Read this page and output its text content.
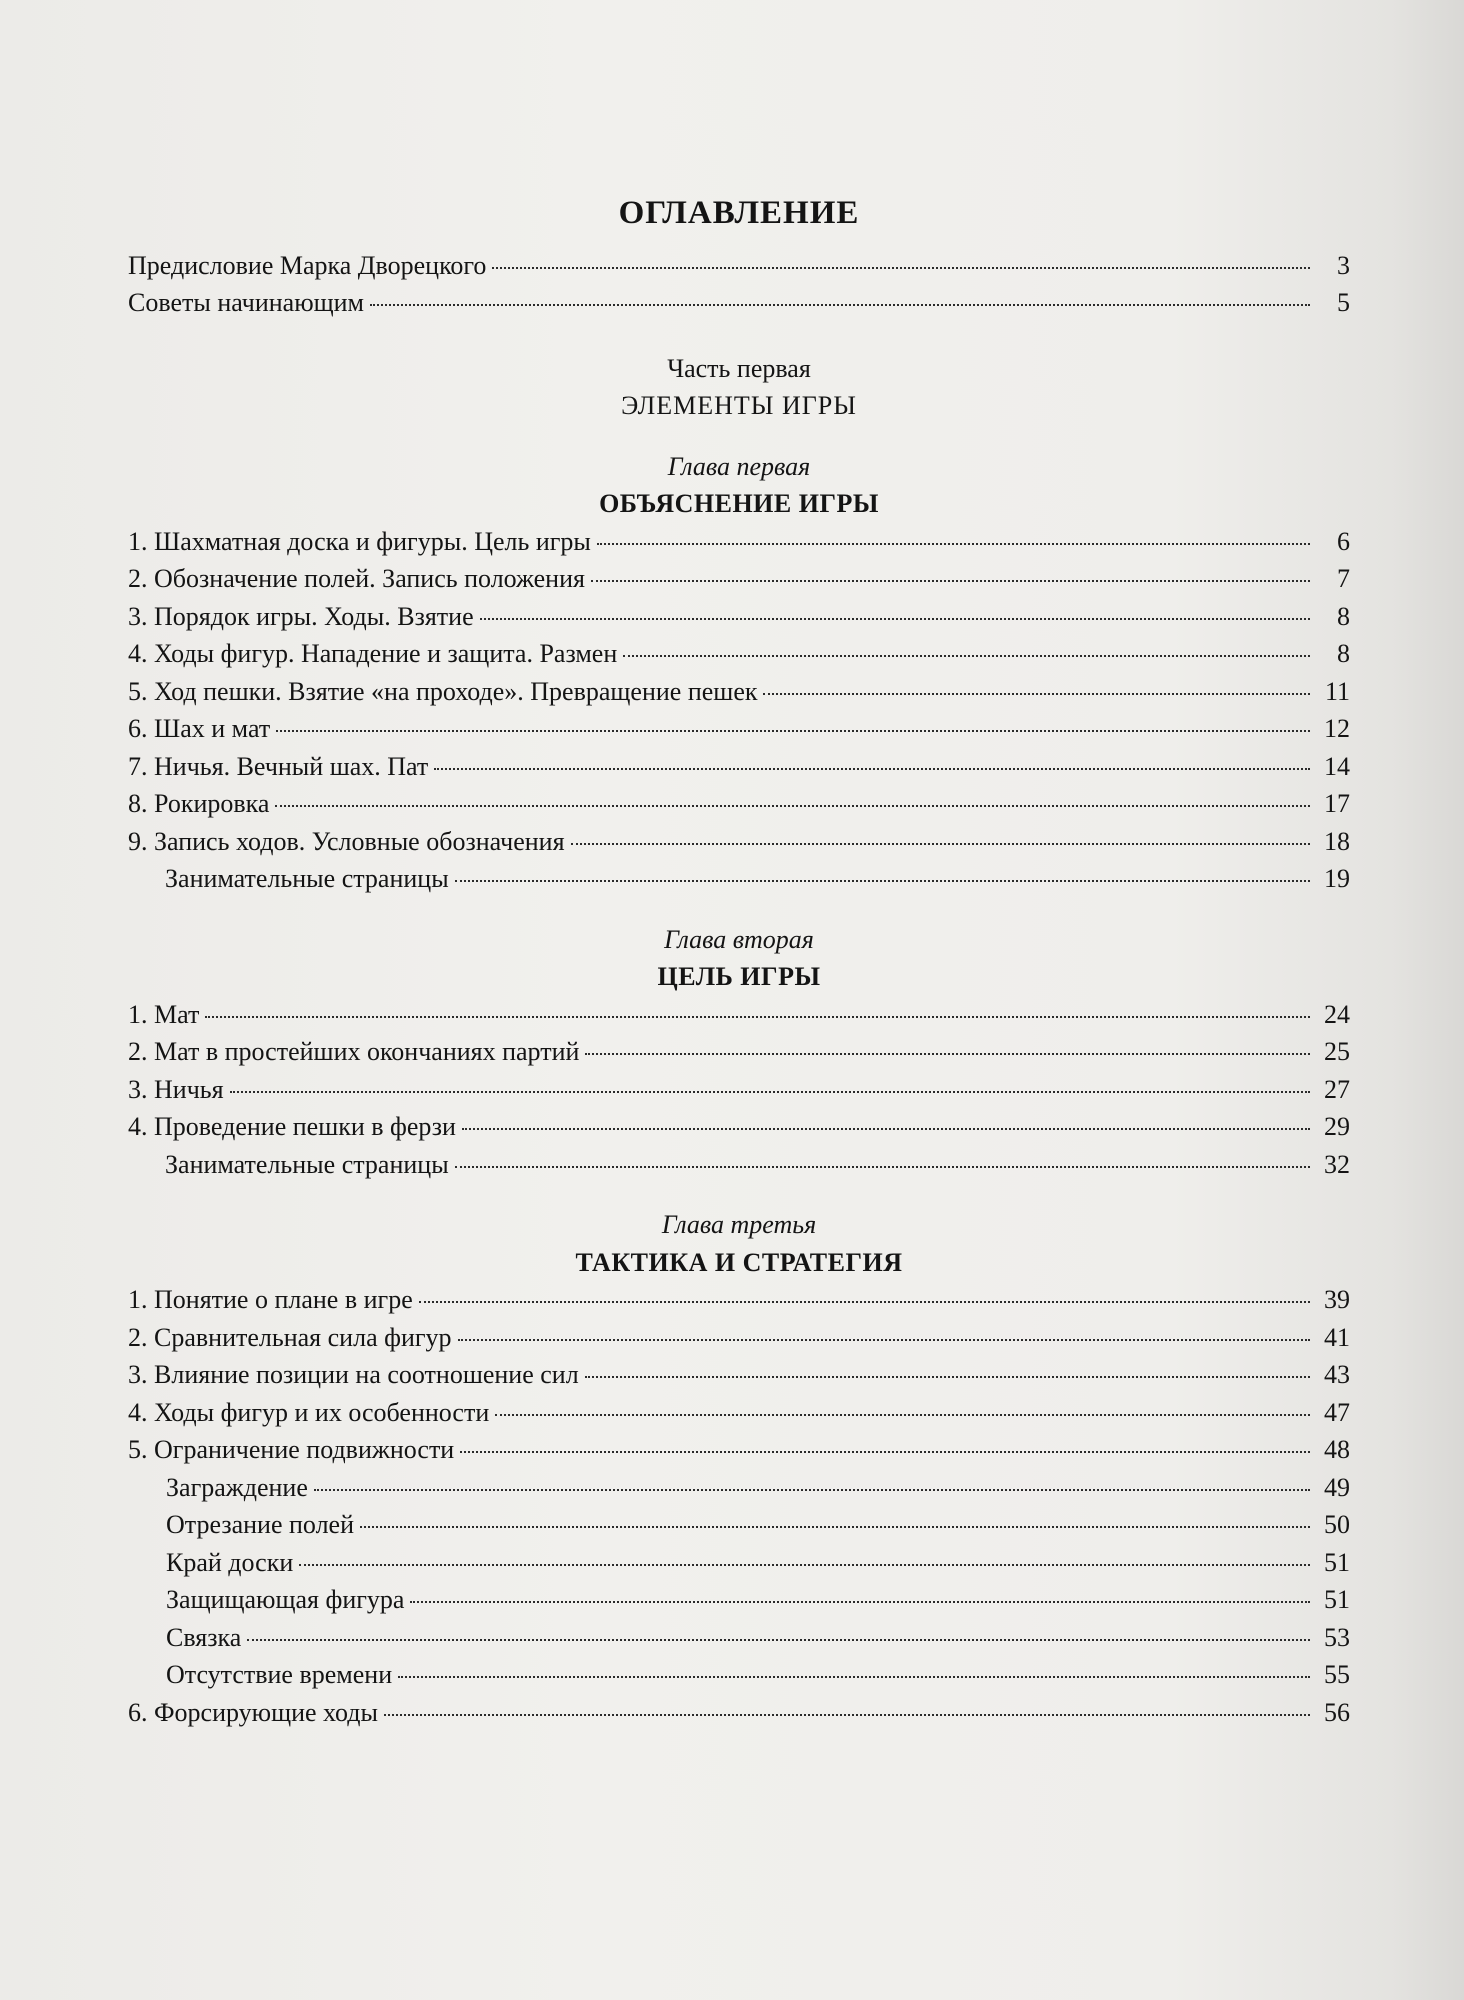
ОГЛАВЛЕНИЕ
Предисловие Марка Дворецкого	3
Советы начинающим	5
Часть первая
ЭЛЕМЕНТЫ ИГРЫ
Глава первая
ОБЪЯСНЕНИЕ ИГРЫ
1. Шахматная доска и фигуры. Цель игры	6
2. Обозначение полей. Запись положения	7
3. Порядок игры. Ходы. Взятие	8
4. Ходы фигур. Нападение и защита. Размен	8
5. Ход пешки. Взятие «на проходе». Превращение пешек	11
6. Шах и мат	12
7. Ничья. Вечный шах. Пат	14
8. Рокировка	17
9. Запись ходов. Условные обозначения	18
Занимательные страницы	19
Глава вторая
ЦЕЛЬ ИГРЫ
1. Мат	24
2. Мат в простейших окончаниях партий	25
3. Ничья	27
4. Проведение пешки в ферзи	29
Занимательные страницы	32
Глава третья
ТАКТИКА И СТРАТЕГИЯ
1. Понятие о плане в игре	39
2. Сравнительная сила фигур	41
3. Влияние позиции на соотношение сил	43
4. Ходы фигур и их особенности	47
5. Ограничение подвижности	48
Заграждение	49
Отрезание полей	50
Край доски	51
Защищающая фигура	51
Связка	53
Отсутствие времени	55
6. Форсирующие ходы	56
